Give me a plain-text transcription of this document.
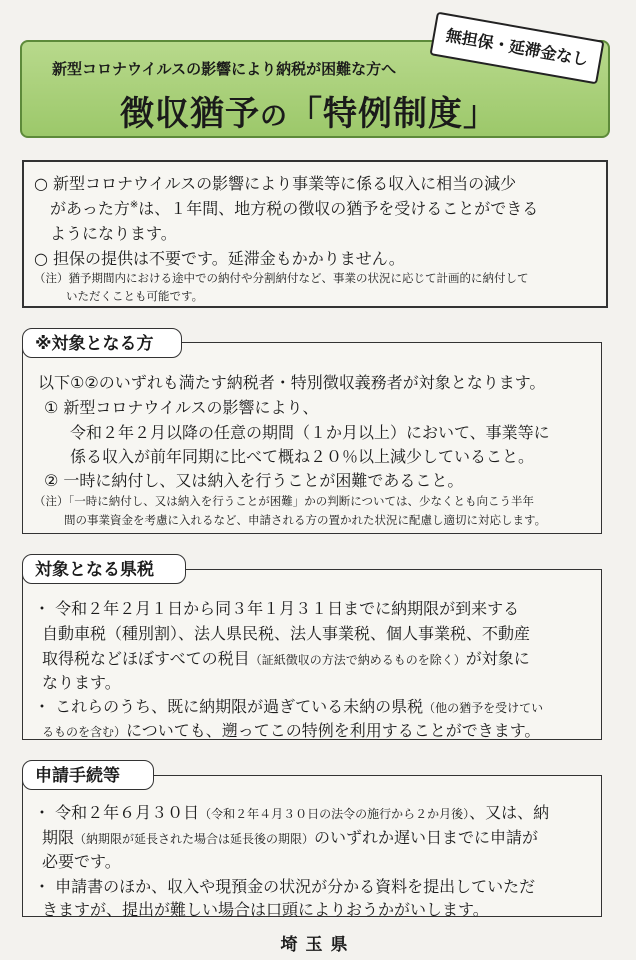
新型コロナウイルスの影響により納税が困難な方へ
徴収猶予の「特例制度」
無担保・延滞金なし
○ 新型コロナウイルスの影響により事業等に係る収入に相当の減少
があった方※は、１年間、地方税の徴収の猶予を受けることができる
ようになります。
○ 担保の提供は不要です。延滞金もかかりません。
（注）猶予期間内における途中での納付や分割納付など、事業の状況に応じて計画的に納付して
いただくことも可能です。
※対象となる方
以下①②のいずれも満たす納税者・特別徴収義務者が対象となります。
① 新型コロナウイルスの影響により、
令和２年２月以降の任意の期間（１か月以上）において、事業等に
係る収入が前年同期に比べて概ね２０％以上減少していること。
② 一時に納付し、又は納入を行うことが困難であること。
（注）「一時に納付し、又は納入を行うことが困難」かの判断については、少なくとも向こう半年
間の事業資金を考慮に入れるなど、申請される方の置かれた状況に配慮し適切に対応します。
対象となる県税
・ 令和２年２月１日から同３年１月３１日までに納期限が到来する
自動車税（種別割）、法人県民税、法人事業税、個人事業税、不動産
取得税などほぼすべての税目（証紙徴収の方法で納めるものを除く）が対象に
なります。
・ これらのうち、既に納期限が過ぎている未納の県税（他の猶予を受けてい
るものを含む）についても、遡ってこの特例を利用することができます。
申請手続等
・ 令和２年６月３０日（令和２年４月３０日の法令の施行から２か月後）、又は、納
期限（納期限が延長された場合は延長後の期限）のいずれか遅い日までに申請が
必要です。
・ 申請書のほか、収入や現預金の状況が分かる資料を提出していただ
きますが、提出が難しい場合は口頭によりおうかがいします。
埼玉県
